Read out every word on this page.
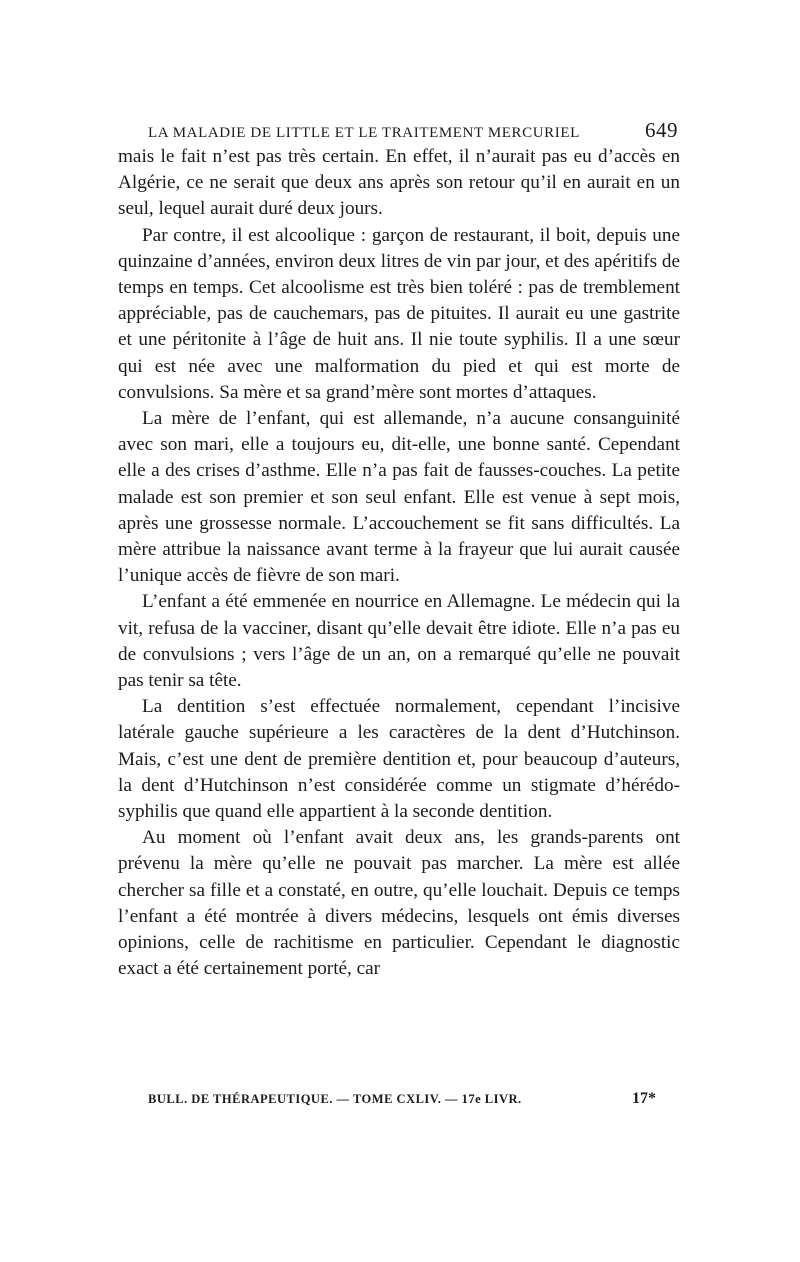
LA MALADIE DE LITTLE ET LE TRAITEMENT MERCURIEL	649

mais le fait n’est pas très certain. En effet, il n’aurait pas eu d’accès en Algérie, ce ne serait que deux ans après son retour qu’il en aurait en un seul, lequel aurait duré deux jours.

Par contre, il est alcoolique : garçon de restaurant, il boit, depuis une quinzaine d’années, environ deux litres de vin par jour, et des apéritifs de temps en temps. Cet alcoolisme est très bien toléré : pas de tremblement appréciable, pas de cauchemars, pas de pituites. Il aurait eu une gastrite et une péritonite à l’âge de huit ans. Il nie toute syphilis. Il a une sœur qui est née avec une malformation du pied et qui est morte de convulsions. Sa mère et sa grand’mère sont mortes d’attaques.

La mère de l’enfant, qui est allemande, n’a aucune consanguinité avec son mari, elle a toujours eu, dit-elle, une bonne santé. Cependant elle a des crises d’asthme. Elle n’a pas fait de fausses-couches. La petite malade est son premier et son seul enfant. Elle est venue à sept mois, après une grossesse normale. L’accouchement se fit sans difficultés. La mère attribue la naissance avant terme à la frayeur que lui aurait causée l’unique accès de fièvre de son mari.

L’enfant a été emmenée en nourrice en Allemagne. Le médecin qui la vit, refusa de la vacciner, disant qu’elle devait être idiote. Elle n’a pas eu de convulsions ; vers l’âge de un an, on a remarqué qu’elle ne pouvait pas tenir sa tête.

La dentition s’est effectuée normalement, cependant l’incisive latérale gauche supérieure a les caractères de la dent d’Hutchinson. Mais, c’est une dent de première dentition et, pour beaucoup d’auteurs, la dent d’Hutchinson n’est considérée comme un stigmate d’hérédo-syphilis que quand elle appartient à la seconde dentition.

Au moment où l’enfant avait deux ans, les grands-parents ont prévenu la mère qu’elle ne pouvait pas marcher. La mère est allée chercher sa fille et a constaté, en outre, qu’elle louchait. Depuis ce temps l’enfant a été montrée à divers médecins, lesquels ont émis diverses opinions, celle de rachitisme en particulier. Cependant le diagnostic exact a été certainement porté, car

BULL. DE THÉRAPEUTIQUE. — TOME CXLIV. — 17e LIVR.	17*
